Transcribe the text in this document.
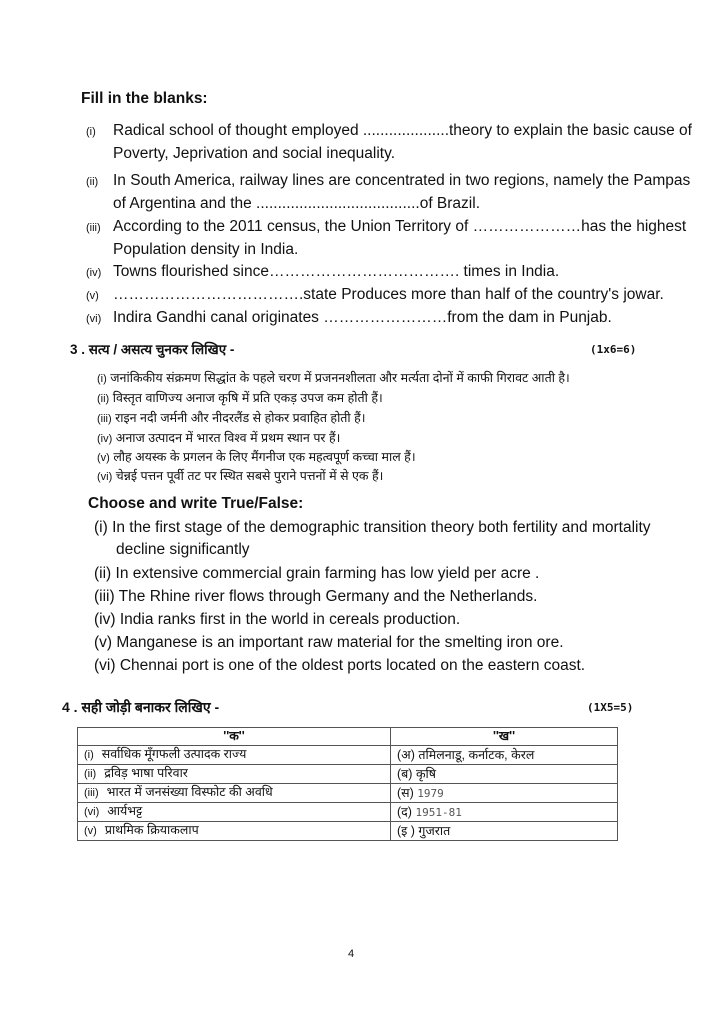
Fill in the blanks:
(i) Radical school of thought employed ....................theory to explain the basic cause of
Poverty, Jeprivation and social inequality.
(ii) In South America, railway lines are concentrated in two regions, namely the Pampas
of Argentina and the ......................................of Brazil.
(iii) According to the 2011 census, the Union Territory of …………………has the highest
Population density in India.
(iv) Towns flourished since………………………………. times in India.
(v) ……………………………….state Produces more than half of the country's jowar.
(vi) Indira Gandhi canal originates ……………………from the dam in Punjab.
3 . सत्य / असत्य चुनकर लिखिए -	(1x6=6)
(i) जनांकिकीय संक्रमण सिद्धांत के पहले चरण में प्रजननशीलता और मर्त्यता दोनों में काफी गिरावट आती है।
(ii) विस्तृत वाणिज्य अनाज कृषि में प्रति एकड़ उपज कम होती हैं।
(iii) राइन नदी जर्मनी और नीदरलैंड से होकर प्रवाहित होती हैं।
(iv) अनाज उत्पादन में भारत विश्व में प्रथम स्थान पर हैं।
(v) लौह अयस्क के प्रगलन के लिए मैंगनीज एक महत्वपूर्ण कच्चा माल हैं।
(vi) चेन्नई पत्तन पूर्वी तट पर स्थित सबसे पुराने पत्तनों में से एक हैं।
Choose and write True/False:
(i) In the first stage of the demographic transition theory both fertility and mortality
decline significantly
(ii) In extensive commercial grain farming has low yield per acre .
(iii) The Rhine river flows through Germany and the Netherlands.
(iv) India ranks first in the world in cereals production.
(v) Manganese is an important raw material for the smelting iron ore.
(vi) Chennai port is one of the oldest ports located on the eastern coast.
4 . सही जोड़ी बनाकर लिखिए -	(1X5=5)
''क''	''ख''
(i) सर्वाधिक मूँगफली उत्पादक राज्य	(अ) तमिलनाडू, कर्नाटक, केरल
(ii) द्रविड़ भाषा परिवार	(ब) कृषि
(iii) भारत में जनसंख्या विस्फोट की अवधि	(स) 1979
(vi) आर्यभट्ट	(द) 1951-81
(v) प्राथमिक क्रियाकलाप	(इ ) गुजरात
4
